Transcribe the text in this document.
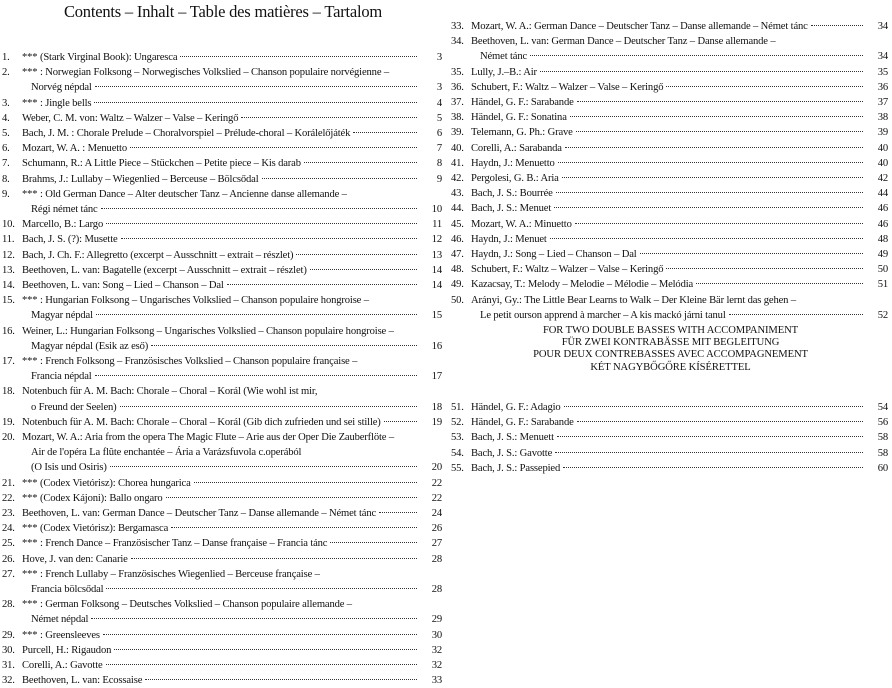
Contents – Inhalt – Table des matières – Tartalom
1. *** (Stark Virginal Book): Ungaresca	3
2. *** : Norwegian Folksong – Norwegisches Volkslied – Chanson populaire norvégienne –
Norvég népdal	3
3. *** : Jingle bells	4
4. Weber, C. M. von: Waltz – Walzer – Valse – Keringő	5
5. Bach, J. M. : Chorale Prelude – Choralvorspiel – Prélude-choral – Korálelőjáték	6
6. Mozart, W. A. : Menuetto	7
7. Schumann, R.: A Little Piece – Stückchen – Petite piece – Kis darab	8
8. Brahms, J.: Lullaby – Wiegenlied – Berceuse – Bölcsődal	9
9. *** : Old German Dance – Alter deutscher Tanz – Ancienne danse allemande –
Régi német tánc	10
10. Marcello, B.: Largo	11
11. Bach, J. S. (?): Musette	12
12. Bach, J. Ch. F.: Allegretto (excerpt – Ausschnitt – extrait – részlet)	13
13. Beethoven, L. van: Bagatelle (excerpt – Ausschnitt – extrait – részlet)	14
14. Beethoven, L. van: Song – Lied – Chanson – Dal	14
15. *** : Hungarian Folksong – Ungarisches Volkslied – Chanson populaire hongroise –
Magyar népdal	15
16. Weiner, L.: Hungarian Folksong – Ungarisches Volkslied – Chanson populaire hongroise –
Magyar népdal (Esik az eső)	16
17. *** : French Folksong – Französisches Volkslied – Chanson populaire française –
Francia népdal	17
18. Notenbuch für A. M. Bach: Chorale – Choral – Korál (Wie wohl ist mir,
o Freund der Seelen)	18
19. Notenbuch für A. M. Bach: Chorale – Choral – Korál (Gib dich zufrieden und sei stille)	19
20. Mozart, W. A.: Aria from the opera The Magic Flute – Arie aus der Oper Die Zauberflöte –
Air de l'opéra La flûte enchantée – Ária a Varázsfuvola c.operából
(O Isis und Osiris)	20
21. *** (Codex Vietórisz): Chorea hungarica	22
22. *** (Codex Kájoni): Ballo ongaro	22
23. Beethoven, L. van: German Dance – Deutscher Tanz – Danse allemande – Német tánc	24
24. *** (Codex Vietórisz): Bergamasca	26
25. *** : French Dance – Französischer Tanz – Danse française – Francia tánc	27
26. Hove, J. van den: Canarie	28
27. *** : French Lullaby – Französisches Wiegenlied – Berceuse française –
Francia bölcsődal	28
28. *** : German Folksong – Deutsches Volkslied – Chanson populaire allemande –
Német népdal	29
29. *** : Greensleeves	30
30. Purcell, H.: Rigaudon	32
31. Corelli, A.: Gavotte	32
32. Beethoven, L. van: Ecossaise	33
33. Mozart, W. A.: German Dance – Deutscher Tanz – Danse allemande – Német tánc	34
34. Beethoven, L. van: German Dance – Deutscher Tanz – Danse allemande –
Német tánc	34
35. Lully, J.–B.: Air	35
36. Schubert, F.: Waltz – Walzer – Valse – Keringő	36
37. Händel, G. F.: Sarabande	37
38. Händel, G. F.: Sonatina	38
39. Telemann, G. Ph.: Grave	39
40. Corelli, A.: Sarabanda	40
41. Haydn, J.: Menuetto	40
42. Pergolesi, G. B.: Aria	42
43. Bach, J. S.: Bourrée	44
44. Bach, J. S.: Menuet	46
45. Mozart, W. A.: Minuetto	46
46. Haydn, J.: Menuet	48
47. Haydn, J.: Song – Lied – Chanson – Dal	49
48. Schubert, F.: Waltz – Walzer – Valse – Keringő	50
49. Kazacsay, T.: Melody – Melodie – Mélodie – Melódia	51
50. Arányi, Gy.: The Little Bear Learns to Walk – Der Kleine Bär lernt das gehen –
Le petit ourson apprend à marcher – A kis mackó járni tanul	52
FOR TWO DOUBLE BASSES WITH ACCOMPANIMENT
FÜR ZWEI KONTRABÄSSE MIT BEGLEITUNG
POUR DEUX CONTREBASSES AVEC ACCOMPAGNEMENT
KÉT NAGYBŐGŐRE KÍSÉRETTEL
51. Händel, G. F.: Adagio	54
52. Händel, G. F.: Sarabande	56
53. Bach, J. S.: Menuett	58
54. Bach, J. S.: Gavotte	58
55. Bach, J. S.: Passepied	60
